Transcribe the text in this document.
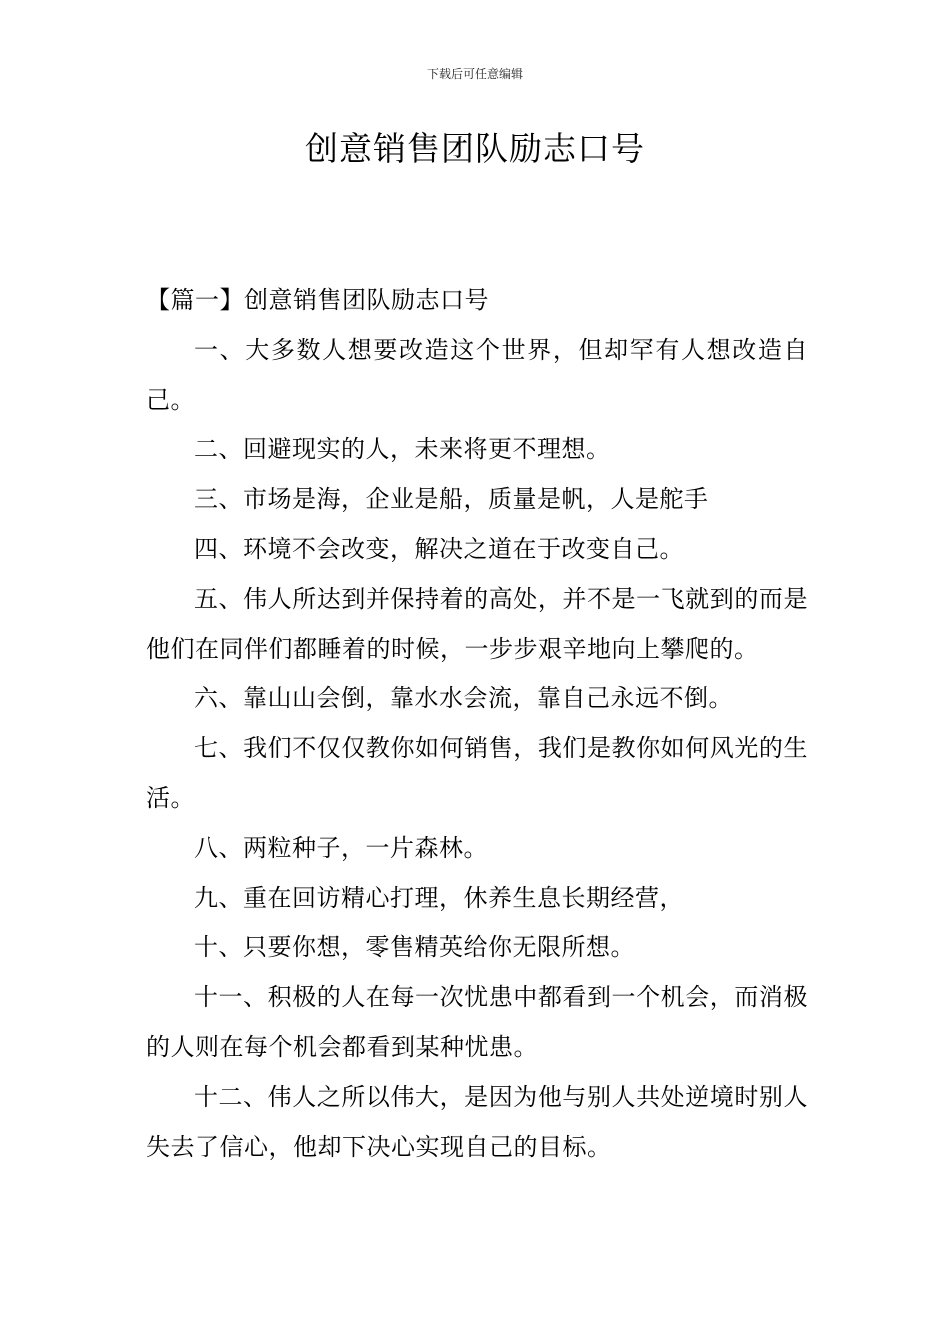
下载后可任意编辑
创意销售团队励志口号

【篇一】创意销售团队励志口号

一、大多数人想要改造这个世界，但却罕有人想改造自己。

二、回避现实的人，未来将更不理想。

三、市场是海，企业是船，质量是帆，人是舵手

四、环境不会改变，解决之道在于改变自己。

五、伟人所达到并保持着的高处，并不是一飞就到的而是他们在同伴们都睡着的时候，一步步艰辛地向上攀爬的。

六、靠山山会倒，靠水水会流，靠自己永远不倒。

七、我们不仅仅教你如何销售，我们是教你如何风光的生活。

八、两粒种子，一片森林。

九、重在回访精心打理，休养生息长期经营，

十、只要你想，零售精英给你无限所想。

十一、积极的人在每一次忧患中都看到一个机会，而消极的人则在每个机会都看到某种忧患。

十二、伟人之所以伟大，是因为他与别人共处逆境时别人失去了信心，他却下决心实现自己的目标。
